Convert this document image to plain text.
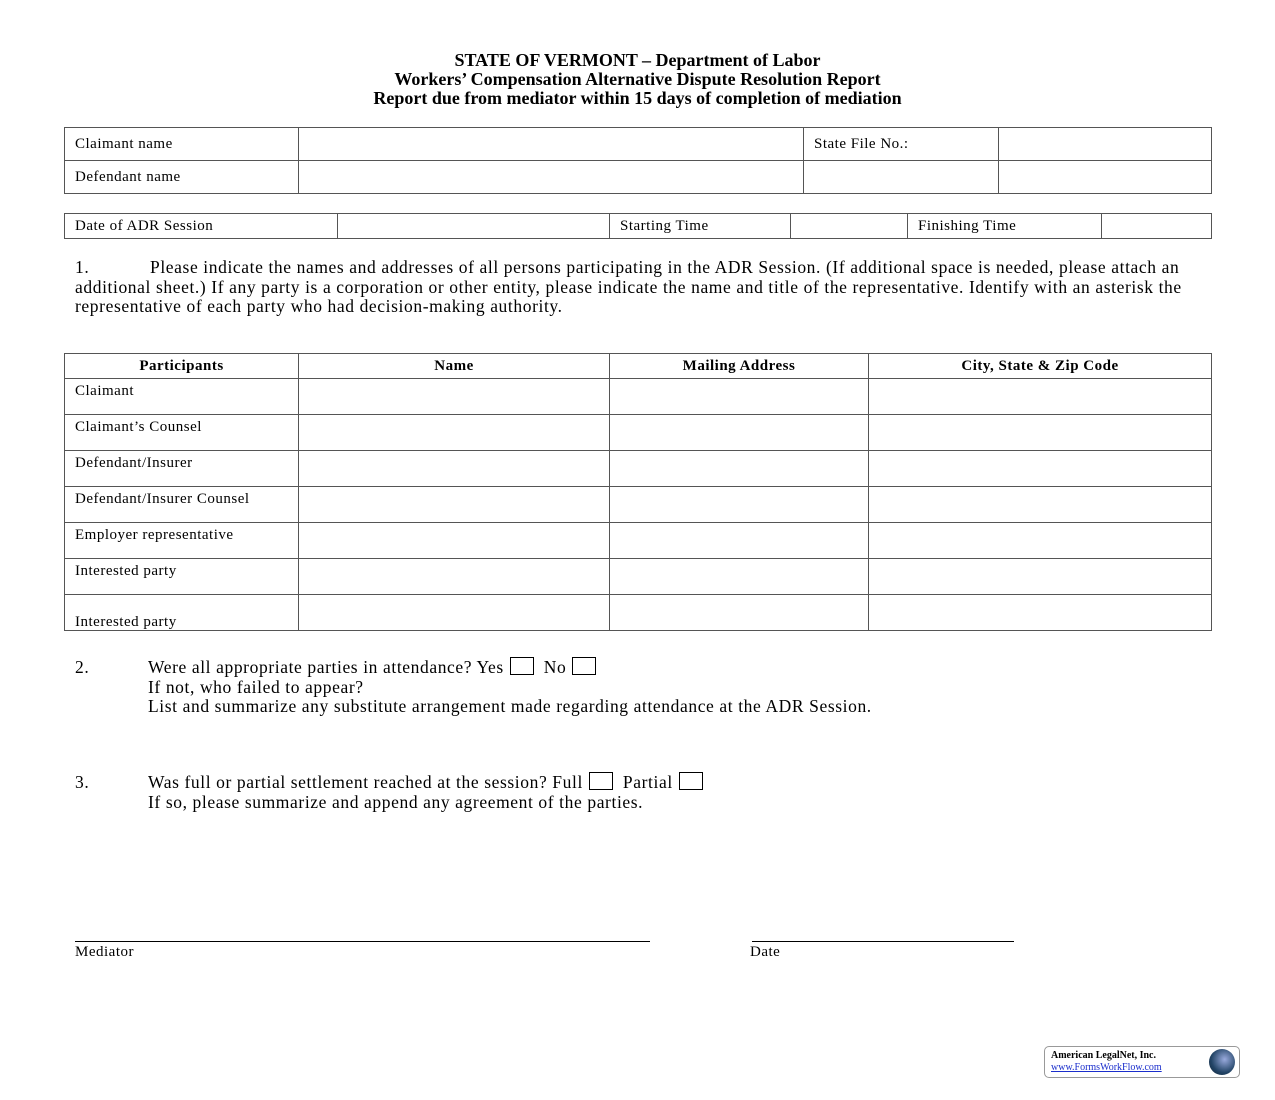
STATE OF VERMONT – Department of Labor
Workers’ Compensation Alternative Dispute Resolution Report
Report due from mediator within 15 days of completion of mediation
Claimant name		State File No.:	
Defendant name			
Date of ADR Session		Starting Time		Finishing Time	
1.	Please indicate the names and addresses of all persons participating in the ADR Session. (If additional space is needed, please attach an additional sheet.) If any party is a corporation or other entity, please indicate the name and title of the representative. Identify with an asterisk the representative of each party who had decision-making authority.
Participants	Name	Mailing Address	City, State & Zip Code
Claimant			
Claimant’s Counsel			
Defendant/Insurer			
Defendant/Insurer Counsel			
Employer representative			
Interested party			
Interested party			
2.	Were all appropriate parties in attendance? Yes No
If not, who failed to appear?
List and summarize any substitute arrangement made regarding attendance at the ADR Session.
3.	Was full or partial settlement reached at the session? Full Partial
If so, please summarize and append any agreement of the parties.
Mediator	Date
American LegalNet, Inc.
www.FormsWorkFlow.com
